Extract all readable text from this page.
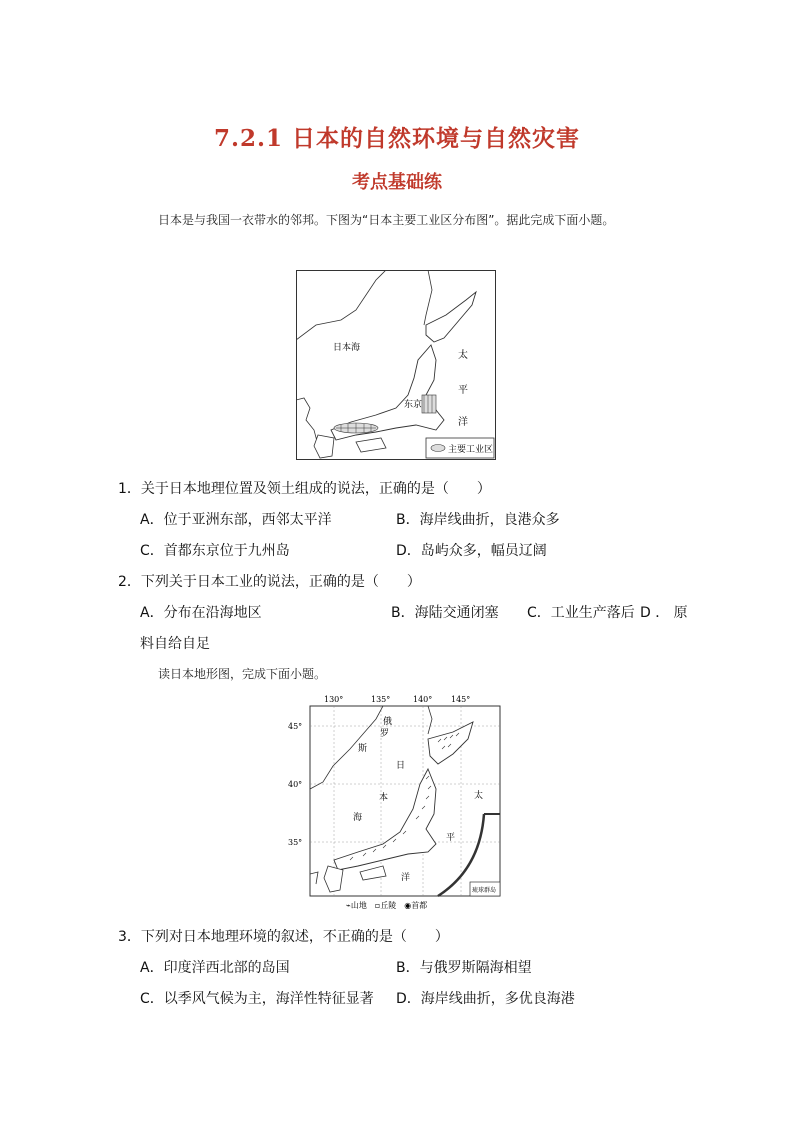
7.2.1 日本的自然环境与自然灾害
考点基础练
日本是与我国一衣带水的邻邦。下图为“日本主要工业区分布图”。据此完成下面小题。
日本海
东京
太
平
洋
主要工业区
1．关于日本地理位置及领土组成的说法，正确的是（　　）
A．位于亚洲东部，西邻太平洋	B．海岸线曲折，良港众多
C．首都东京位于九州岛	D．岛屿众多，幅员辽阔
2．下列关于日本工业的说法，正确的是（　　）
A．分布在沿海地区	B．海陆交通闭塞 C．工业生产落后 D ． 原
料自给自足
读日本地形图，完成下面小题。
130°	135°	140° 145°
45°
40°
35°
俄
罗
斯
日
本
海
太
平
洋
琉球群岛
⌁山地　▫丘陵　◉首都
3．下列对日本地理环境的叙述，不正确的是（　　）
A．印度洋西北部的岛国	B．与俄罗斯隔海相望
C．以季风气候为主，海洋性特征显著 D．海岸线曲折，多优良海港
